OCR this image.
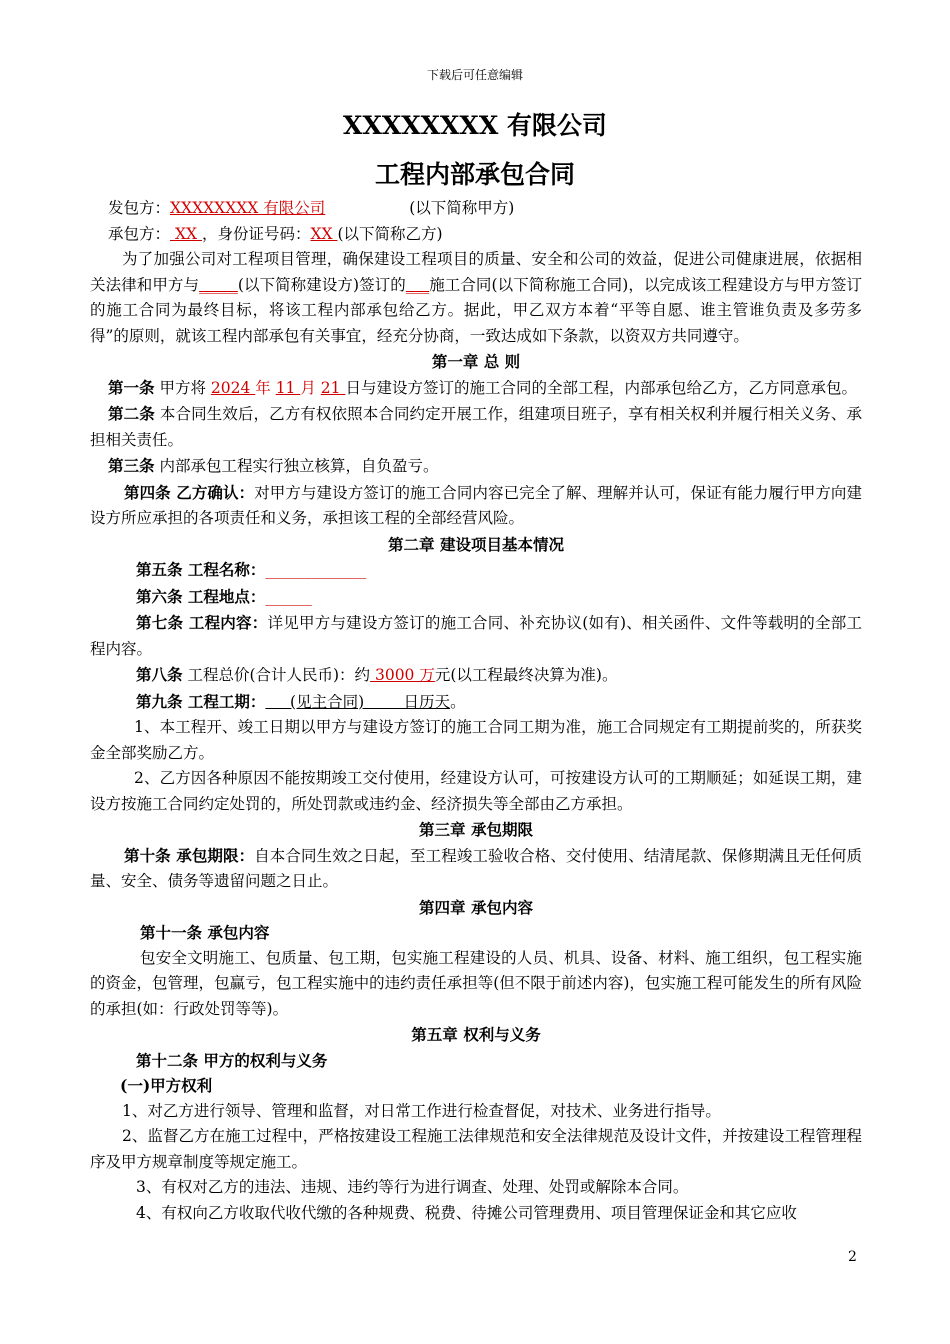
下载后可任意编辑
XXXXXXXX 有限公司
工程内部承包合同

发包方：XXXXXXXX 有限公司	(以下简称甲方)

承包方： XX ，身份证号码：XX (以下简称乙方)

为了加强公司对工程项目管理，确保建设工程项目的质量、安全和公司的效益，促进公司健康进展，依据相关法律和甲方与_____(以下简称建设方)签订的___施工合同(以下简称施工合同)，以完成该工程建设方与甲方签订的施工合同为最终目标，将该工程内部承包给乙方。据此，甲乙双方本着“平等自愿、谁主管谁负责及多劳多得”的原则，就该工程内部承包有关事宜，经充分协商，一致达成如下条款，以资双方共同遵守。

第一章 总 则

第一条 甲方将 2024 年 11 月 21 日与建设方签订的施工合同的全部工程，内部承包给乙方，乙方同意承包。

第二条 本合同生效后，乙方有权依照本合同约定开展工作，组建项目班子，享有相关权利并履行相关义务、承担相关责任。

第三条 内部承包工程实行独立核算，自负盈亏。

第四条 乙方确认：对甲方与建设方签订的施工合同内容已完全了解、理解并认可，保证有能力履行甲方向建设方所应承担的各项责任和义务，承担该工程的全部经营风险。

第二章 建设项目基本情况

第五条 工程名称：_____________

第六条 工程地点：______

第七条 工程内容：详见甲方与建设方签订的施工合同、补充协议(如有)、相关函件、文件等载明的全部工程内容。

第八条 工程总价(合计人民币)：约 3000 万元(以工程最终决算为准)。

第九条 工程工期：     (见主合同)        日历天。

1、本工程开、竣工日期以甲方与建设方签订的施工合同工期为准，施工合同规定有工期提前奖的，所获奖金全部奖励乙方。

2、乙方因各种原因不能按期竣工交付使用，经建设方认可，可按建设方认可的工期顺延；如延误工期，建设方按施工合同约定处罚的，所处罚款或违约金、经济损失等全部由乙方承担。

第三章 承包期限

第十条 承包期限：自本合同生效之日起，至工程竣工验收合格、交付使用、结清尾款、保修期满且无任何质量、安全、债务等遗留问题之日止。

第四章 承包内容

第十一条 承包内容

包安全文明施工、包质量、包工期，包实施工程建设的人员、机具、设备、材料、施工组织，包工程实施的资金，包管理，包赢亏，包工程实施中的违约责任承担等(但不限于前述内容)，包实施工程可能发生的所有风险的承担(如：行政处罚等等)。

第五章 权利与义务

第十二条 甲方的权利与义务

(一)甲方权利

1、对乙方进行领导、管理和监督，对日常工作进行检查督促，对技术、业务进行指导。

2、监督乙方在施工过程中，严格按建设工程施工法律规范和安全法律规范及设计文件，并按建设工程管理程序及甲方规章制度等规定施工。

3、有权对乙方的违法、违规、违约等行为进行调查、处理、处罚或解除本合同。

4、有权向乙方收取代收代缴的各种规费、税费、待摊公司管理费用、项目管理保证金和其它应收

2
